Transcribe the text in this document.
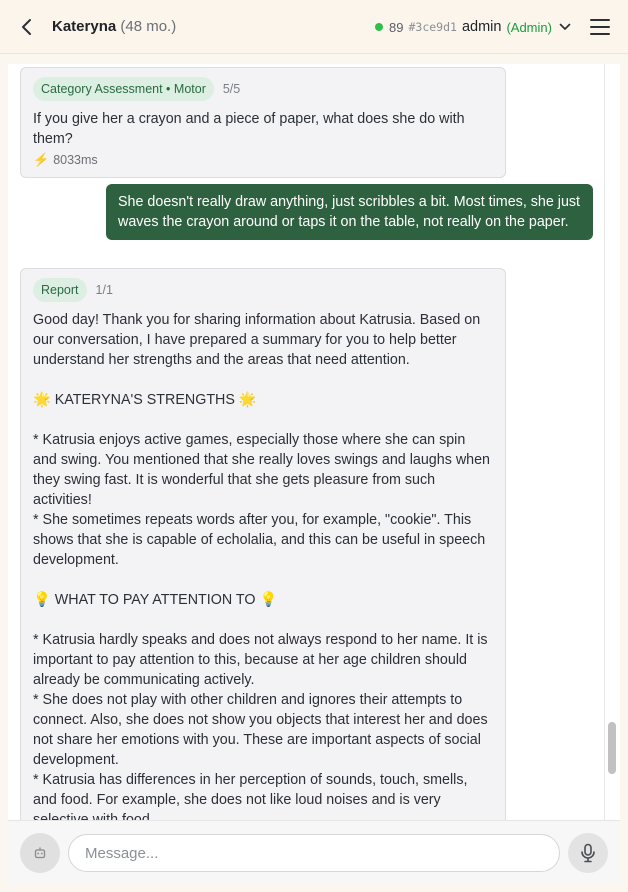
Kateryna (48 mo.)	89 #3ce9d1 admin (Admin)
Category Assessment • Motor	5/5
If you give her a crayon and a piece of paper, what does she do with them?
⚡ 8033ms
She doesn't really draw anything, just scribbles a bit. Most times, she just waves the crayon around or taps it on the table, not really on the paper.
Report	1/1

Good day! Thank you for sharing information about Katrusia. Based on our conversation, I have prepared a summary for you to help better understand her strengths and the areas that need attention.

🌟 KATERYNA'S STRENGTHS 🌟

* Katrusia enjoys active games, especially those where she can spin and swing. You mentioned that she really loves swings and laughs when they swing fast. It is wonderful that she gets pleasure from such activities!

* She sometimes repeats words after you, for example, "cookie". This shows that she is capable of echolalia, and this can be useful in speech development.

💡 WHAT TO PAY ATTENTION TO 💡

* Katrusia hardly speaks and does not always respond to her name. It is important to pay attention to this, because at her age children should already be communicating actively.

* She does not play with other children and ignores their attempts to connect. Also, she does not show you objects that interest her and does not share her emotions with you. These are important aspects of social development.

* Katrusia has differences in her perception of sounds, touch, smells, and food. For example, she does not like loud noises and is very

Message...
